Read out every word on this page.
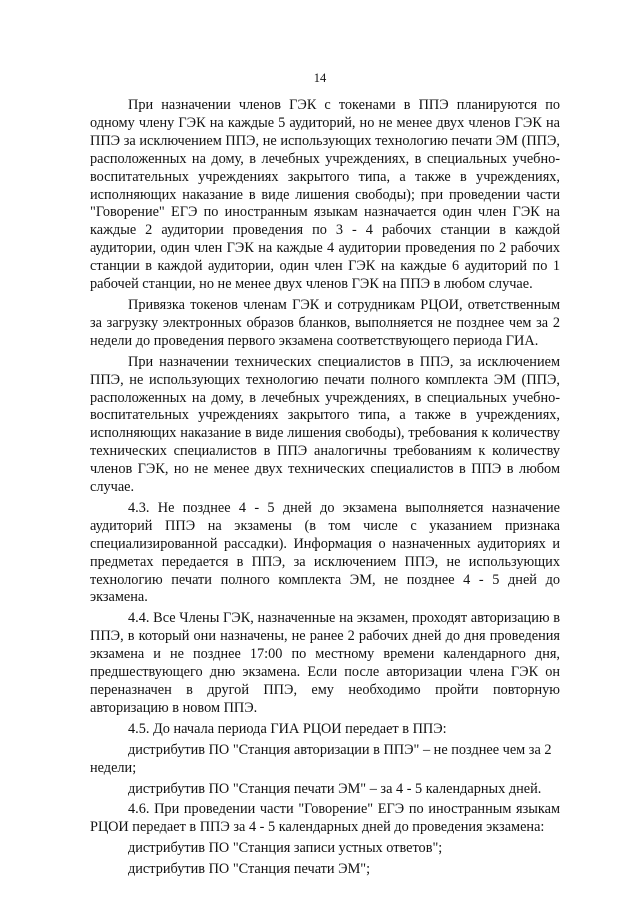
14

При назначении членов ГЭК с токенами в ППЭ планируются по одному члену ГЭК на каждые 5 аудиторий, но не менее двух членов ГЭК на ППЭ за исключением ППЭ, не использующих технологию печати ЭМ (ППЭ, расположенных на дому, в лечебных учреждениях, в специальных учебно-воспитательных учреждениях закрытого типа, а также в учреждениях, исполняющих наказание в виде лишения свободы); при проведении части "Говорение" ЕГЭ по иностранным языкам назначается один член ГЭК на каждые 2 аудитории проведения по 3 - 4 рабочих станции в каждой аудитории, один член ГЭК на каждые 4 аудитории проведения по 2 рабочих станции в каждой аудитории, один член ГЭК на каждые 6 аудиторий по 1 рабочей станции, но не менее двух членов ГЭК на ППЭ в любом случае.

Привязка токенов членам ГЭК и сотрудникам РЦОИ, ответственным за загрузку электронных образов бланков, выполняется не позднее чем за 2 недели до проведения первого экзамена соответствующего периода ГИА.

При назначении технических специалистов в ППЭ, за исключением ППЭ, не использующих технологию печати полного комплекта ЭМ (ППЭ, расположенных на дому, в лечебных учреждениях, в специальных учебно-воспитательных учреждениях закрытого типа, а также в учреждениях, исполняющих наказание в виде лишения свободы), требования к количеству технических специалистов в ППЭ аналогичны требованиям к количеству членов ГЭК, но не менее двух технических специалистов в ППЭ в любом случае.

4.3. Не позднее 4 - 5 дней до экзамена выполняется назначение аудиторий ППЭ на экзамены (в том числе с указанием признака специализированной рассадки). Информация о назначенных аудиториях и предметах передается в ППЭ, за исключением ППЭ, не использующих технологию печати полного комплекта ЭМ, не позднее 4 - 5 дней до экзамена.

4.4. Все Члены ГЭК, назначенные на экзамен, проходят авторизацию в ППЭ, в который они назначены, не ранее 2 рабочих дней до дня проведения экзамена и не позднее 17:00 по местному времени календарного дня, предшествующего дню экзамена. Если после авторизации члена ГЭК он переназначен в другой ППЭ, ему необходимо пройти повторную авторизацию в новом ППЭ.

4.5. До начала периода ГИА РЦОИ передает в ППЭ:

дистрибутив ПО "Станция авторизации в ППЭ" – не позднее чем за 2 недели;

дистрибутив ПО "Станция печати ЭМ" – за 4 - 5 календарных дней.

4.6. При проведении части "Говорение" ЕГЭ по иностранным языкам РЦОИ передает в ППЭ за 4 - 5 календарных дней до проведения экзамена:

дистрибутив ПО "Станция записи устных ответов";

дистрибутив ПО "Станция печати ЭМ";
